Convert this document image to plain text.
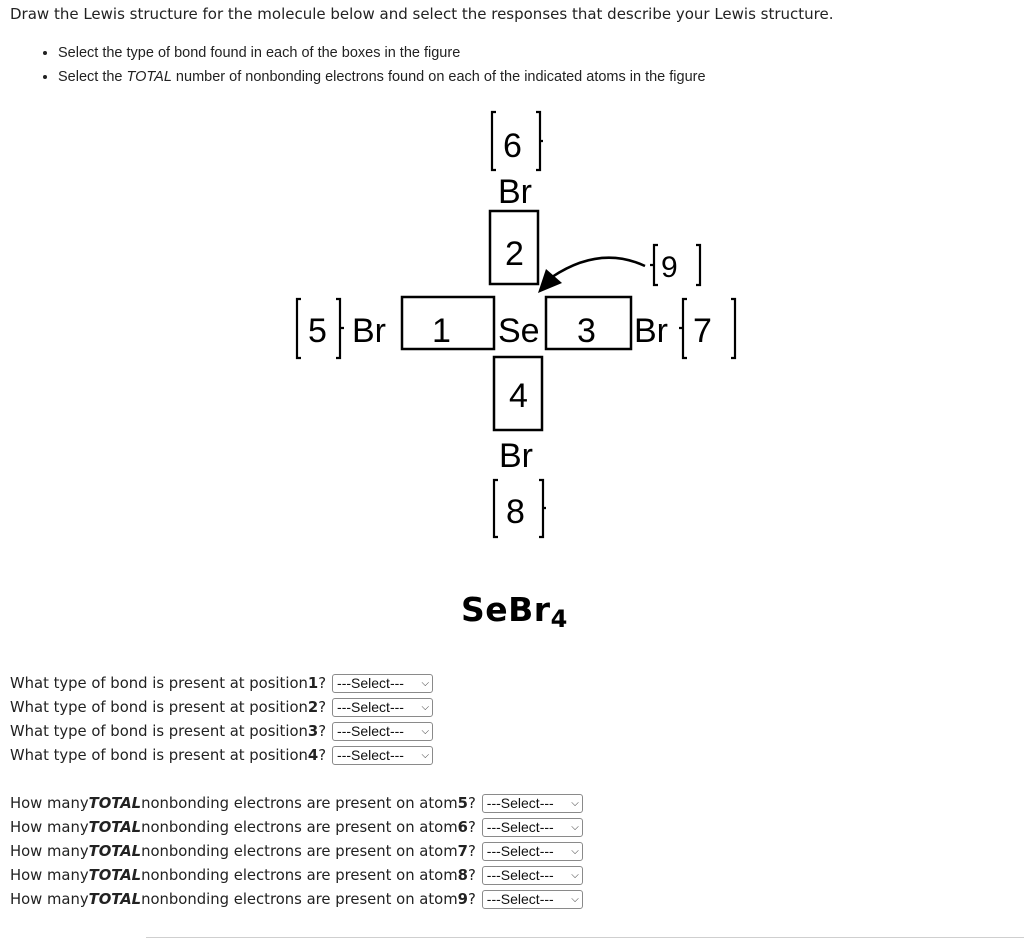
Draw the Lewis structure for the molecule below and select the responses that describe your Lewis structure.
• Select the type of bond found in each of the boxes in the figure
• Select the TOTAL number of nonbonding electrons found on each of the indicated atoms in the figure
6
Br
2
5 Br 1 Se 3 Br 7
9
4
Br
8
SeBr$_4$
What type of bond is present at position 1 ? ---Select--- ⌵
What type of bond is present at position 2 ? ---Select--- ⌵
What type of bond is present at position 3 ? ---Select--- ⌵
What type of bond is present at position 4 ? ---Select--- ⌵
How many TOTAL nonbonding electrons are present on atom 5 ? ---Select--- ⌵
How many TOTAL nonbonding electrons are present on atom 6 ? ---Select--- ⌵
How many TOTAL nonbonding electrons are present on atom 7 ? ---Select--- ⌵
How many TOTAL nonbonding electrons are present on atom 8 ? ---Select--- ⌵
How many TOTAL nonbonding electrons are present on atom 9 ? ---Select--- ⌵
